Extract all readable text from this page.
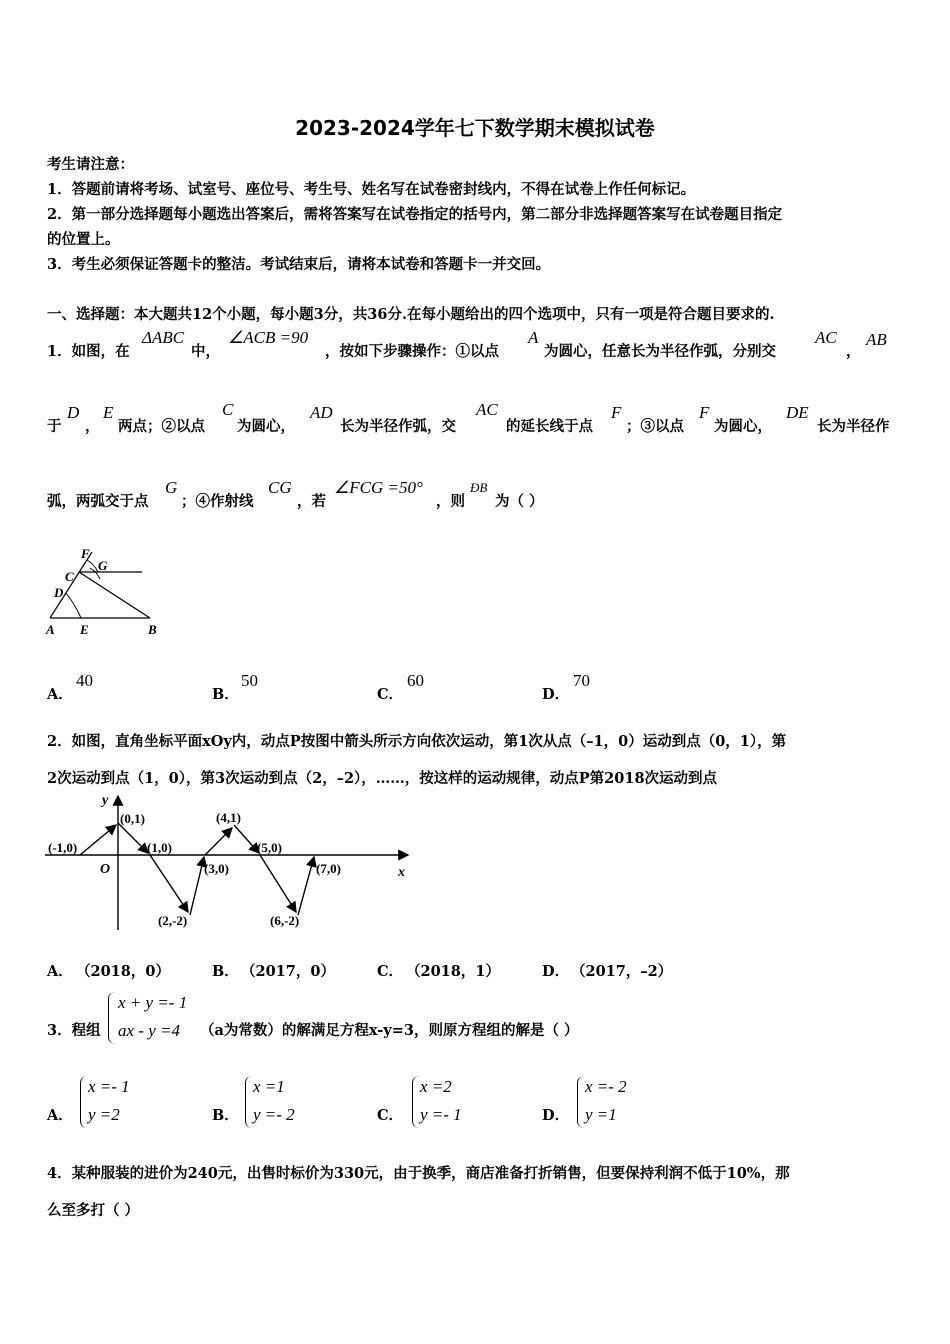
2023-2024学年七下数学期末模拟试卷
考生请注意：
1．答题前请将考场、试室号、座位号、考生号、姓名写在试卷密封线内，不得在试卷上作任何标记。
2．第一部分选择题每小题选出答案后，需将答案写在试卷指定的括号内，第二部分非选择题答案写在试卷题目指定
的位置上。
3．考生必须保证答题卡的整洁。考试结束后，请将本试卷和答题卡一并交回。
一、选择题：本大题共12个小题，每小题3分，共36分.在每小题给出的四个选项中，只有一项是符合题目要求的.
1．如图，在
ΔABC
中，
∠ACB =90
，按如下步骤操作：①以点
A
为圆心，任意长为半径作弧，分别交
AC
，
AB
于
D
，
E
两点；②以点
C
为圆心，
AD
长为半径作弧，交
AC
的延长线于点
F
；③以点
F
为圆心，
DE
长为半径作
弧，两弧交于点
G
；④作射线
CG
，若
∠FCG =50°
，则
ÐB
为（ ）
A E	B
D
C
F
G
A．
40
B．
50
C．
60
D．
70
2．如图，直角坐标平面xOy内，动点P按图中箭头所示方向依次运动，第1次从点（–1，0）运动到点（0，1），第
2次运动到点（1，0），第3次运动到点（2，–2），……，按这样的运动规律，动点P第2018次运动到点
y
x
O
(-1,0)
(0,1)
(1,0)
(2,-2)
(3,0)
(4,1)
(5,0)
(6,-2)
(7,0)
A． （2018，0）	B． （2017，0）	C． （2018，1）	D． （2017，–2）
3．程组
x + y =- 1
ax - y =4 （a为常数）的解满足方程x-y=3，则原方程组的解是（ ）
A．
x =- 1
y =2	B．
x =1
y =- 2	C．
x =2
y =- 1	D．
x =- 2
y =1
4．某种服装的进价为240元，出售时标价为330元，由于换季，商店准备打折销售，但要保持利润不低于10%，那
么至多打（ ）
